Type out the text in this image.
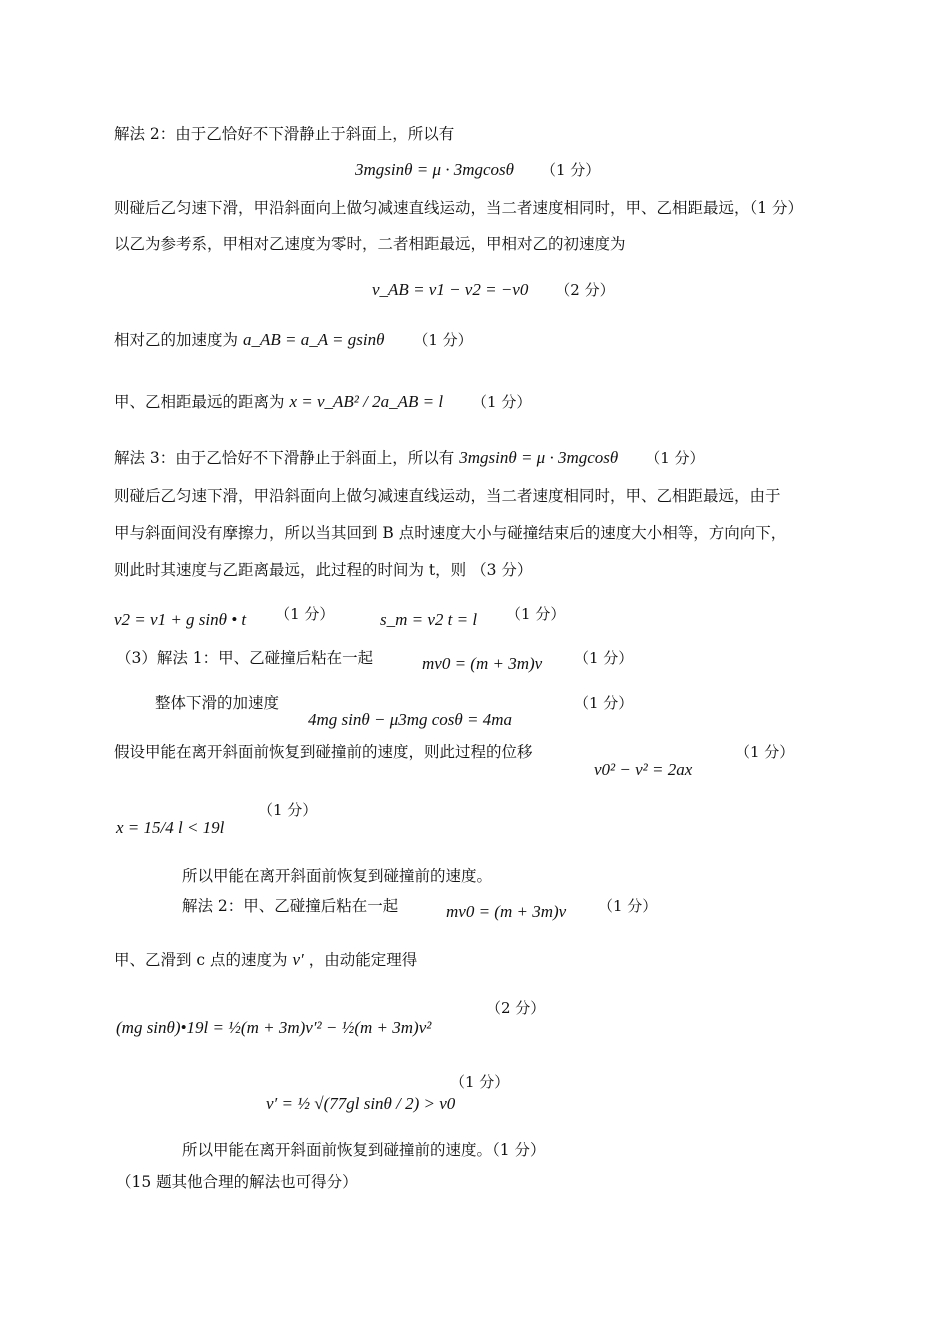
解法 2：由于乙恰好不下滑静止于斜面上，所以有
3mgsinθ = μ · 3mgcosθ （1 分）
则碰后乙匀速下滑，甲沿斜面向上做匀减速直线运动，当二者速度相同时，甲、乙相距最远，（1 分）
以乙为参考系，甲相对乙速度为零时，二者相距最远，甲相对乙的初速度为
v_AB = v1 − v2 = −v0 （2 分）
相对乙的加速度为 a_AB = a_A = gsinθ （1 分）
甲、乙相距最远的距离为 x = v_AB² / 2a_AB = l （1 分）
解法 3：由于乙恰好不下滑静止于斜面上，所以有 3mgsinθ = μ · 3mgcosθ （1 分）
则碰后乙匀速下滑，甲沿斜面向上做匀减速直线运动，当二者速度相同时，甲、乙相距最远，由于
甲与斜面间没有摩擦力，所以当其回到 B 点时速度大小与碰撞结束后的速度大小相等，方向向下，
则此时其速度与乙距离最远，此过程的时间为 t，则 （3 分）
v2 = v1 + g sinθ • t （1 分）	s_m = v2 t = l （1 分）
（3）解法 1：甲、乙碰撞后粘在一起	mv0 = (m + 3m)v （1 分）
整体下滑的加速度	（1 分）
4mg sinθ − μ3mg cosθ = 4ma
假设甲能在离开斜面前恢复到碰撞前的速度，则此过程的位移	（1 分）
v0² − v² = 2ax
x = 15/4 l < 19l
（1 分）
所以甲能在离开斜面前恢复到碰撞前的速度。
解法 2：甲、乙碰撞后粘在一起	mv0 = (m + 3m)v （1 分）
甲、乙滑到 c 点的速度为 v′ ，由动能定理得
(mg sinθ)•19l = ½(m + 3m)v′² − ½(m + 3m)v²
（2 分）
v′ = ½ √(77gl sinθ / 2) > v0
（1 分）
所以甲能在离开斜面前恢复到碰撞前的速度。（1 分）
（15 题其他合理的解法也可得分）
